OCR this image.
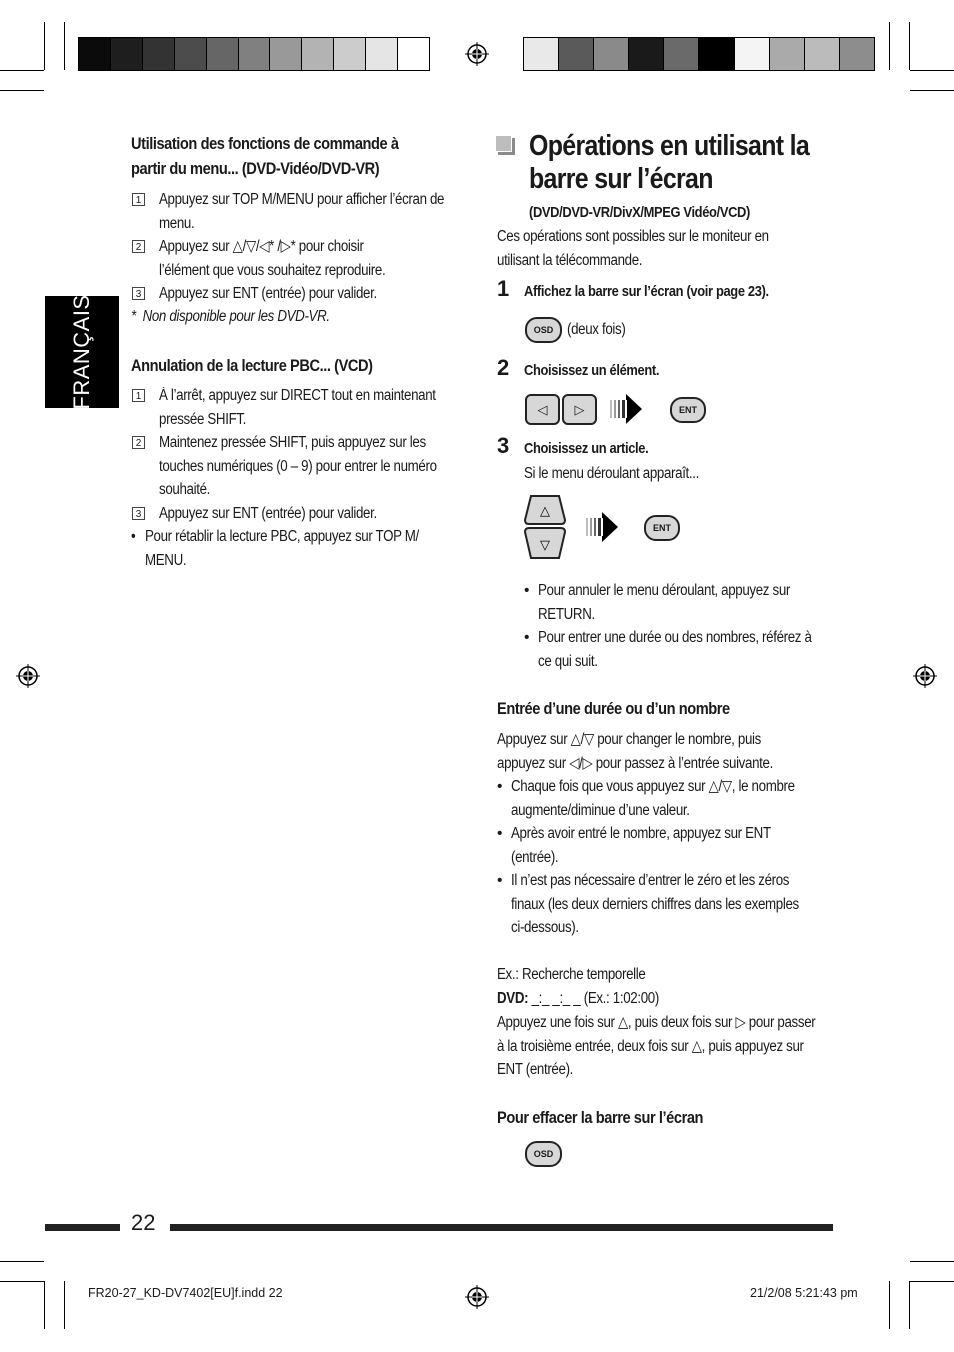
FRANÇAIS
Utilisation des fonctions de commande à
partir du menu... (DVD-Vidéo/DVD-VR)
1 Appuyez sur TOP M/MENU pour afficher l’écran de
menu.

2 Appuyez sur △/▽/◁* /▷* pour choisir
l’élément que vous souhaitez reproduire.

3 Appuyez sur ENT (entrée) pour valider.

* Non disponible pour les DVD-VR.
Annulation de la lecture PBC... (VCD)
1 À l’arrêt, appuyez sur DIRECT tout en maintenant
pressée SHIFT.

2 Maintenez pressée SHIFT, puis appuyez sur les
touches numériques (0 – 9) pour entrer le numéro
souhaité.

3 Appuyez sur ENT (entrée) pour valider.

• Pour rétablir la lecture PBC, appuyez sur TOP M/
MENU.
Opérations en utilisant la
barre sur l’écran
(DVD/DVD-VR/DivX/MPEG Vidéo/VCD)
Ces opérations sont possibles sur le moniteur en
utilisant la télécommande.
1 Affichez la barre sur l’écran (voir page 23).
OSD (deux fois)
2 Choisissez un élément.
◁	▷	ENT
3 Choisissez un article.
Si le menu déroulant apparaît...
△
▽
ENT
• Pour annuler le menu déroulant, appuyez sur
RETURN.

• Pour entrer une durée ou des nombres, référez à
ce qui suit.

Entrée d’une durée ou d’un nombre
Appuyez sur △/▽ pour changer le nombre, puis
appuyez sur ◁/▷ pour passez à l’entrée suivante.
• Chaque fois que vous appuyez sur △/▽, le nombre
augmente/diminue d’une valeur.

• Après avoir entré le nombre, appuyez sur ENT
(entrée).

• Il n’est pas nécessaire d’entrer le zéro et les zéros
finaux (les deux derniers chiffres dans les exemples
ci-dessous).

Ex.: Recherche temporelle
DVD: _:_ _:_ _ (Ex.: 1:02:00)
Appuyez une fois sur △, puis deux fois sur ▷ pour passer
à la troisième entrée, deux fois sur △, puis appuyez sur
ENT (entrée).
Pour effacer la barre sur l’écran
OSD
22
FR20-27_KD-DV7402[EU]f.indd 22	21/2/08 5:21:43 pm
